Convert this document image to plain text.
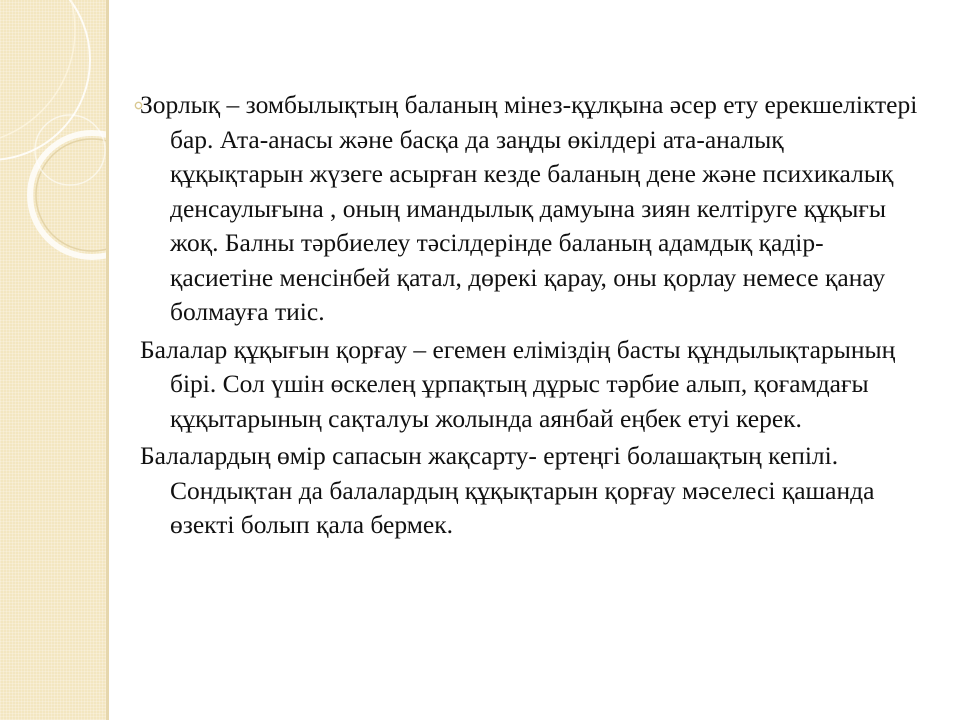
Зорлық – зомбылықтың баланың мінез-құлқына әсер ету ерекшеліктері бар. Ата-анасы және басқа да заңды өкілдері ата-аналық құқықтарын жүзеге асырған кезде баланың дене және психикалық денсаулығына , оның имандылық дамуына зиян келтіруге құқығы жоқ. Балны тәрбиелеу тәсілдерінде баланың адамдық қадір-қасиетіне менсінбей қатал, дөрекі қарау, оны қорлау немесе қанау болмауға тиіс.

Балалар құқығын қорғау – егемен еліміздің басты құндылықтарының бірі. Сол үшін өскелең ұрпақтың дұрыс тәрбие алып, қоғамдағы құқытарының сақталуы жолында аянбай еңбек етуі керек.

Балалардың өмір сапасын жақсарту- ертеңгі болашақтың кепілі. Сондықтан да балалардың құқықтарын қорғау мәселесі қашанда өзекті болып қала бермек.
